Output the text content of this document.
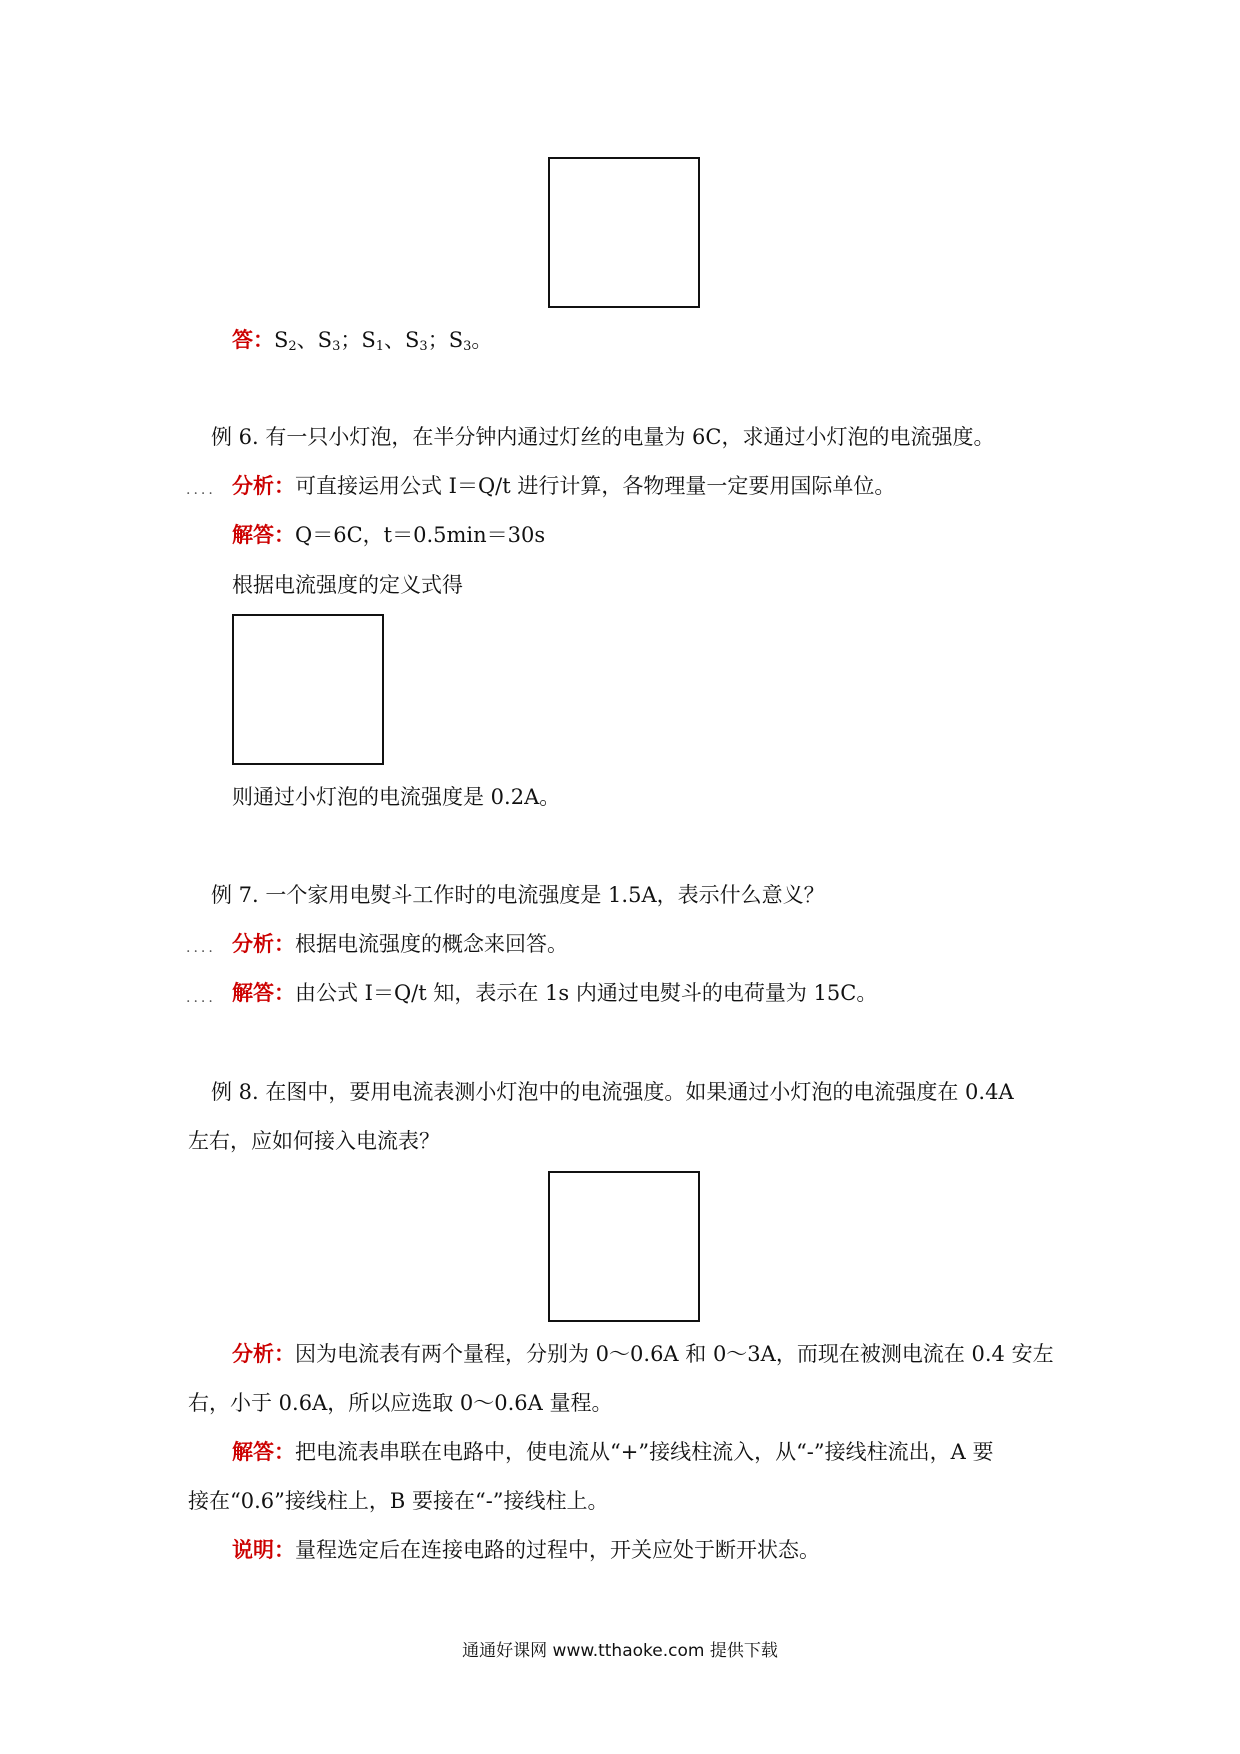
答：$S_2$、$S_3$；$S_1$、$S_3$；$S_3$。
例 6. 有一只小灯泡，在半分钟内通过灯丝的电量为 6C，求通过小灯泡的电流强度。
.... 分析：可直接运用公式 I＝Q/t 进行计算，各物理量一定要用国际单位。
解答：Q＝6C，t＝0.5min＝30s
根据电流强度的定义式得
则通过小灯泡的电流强度是 0.2A。
例 7. 一个家用电熨斗工作时的电流强度是 1.5A，表示什么意义？
.... 分析：根据电流强度的概念来回答。
.... 解答：由公式 I＝Q/t 知，表示在 1s 内通过电熨斗的电荷量为 15C。
例 8. 在图中，要用电流表测小灯泡中的电流强度。如果通过小灯泡的电流强度在 0.4A
左右，应如何接入电流表？
分析：因为电流表有两个量程，分别为 0～0.6A 和 0～3A，而现在被测电流在 0.4 安左
右，小于 0.6A，所以应选取 0～0.6A 量程。
解答：把电流表串联在电路中，使电流从“+”接线柱流入，从“-”接线柱流出，A 要
接在“0.6”接线柱上，B 要接在“-”接线柱上。
说明：量程选定后在连接电路的过程中，开关应处于断开状态。
通通好课网 www.tthaoke.com 提供下载
